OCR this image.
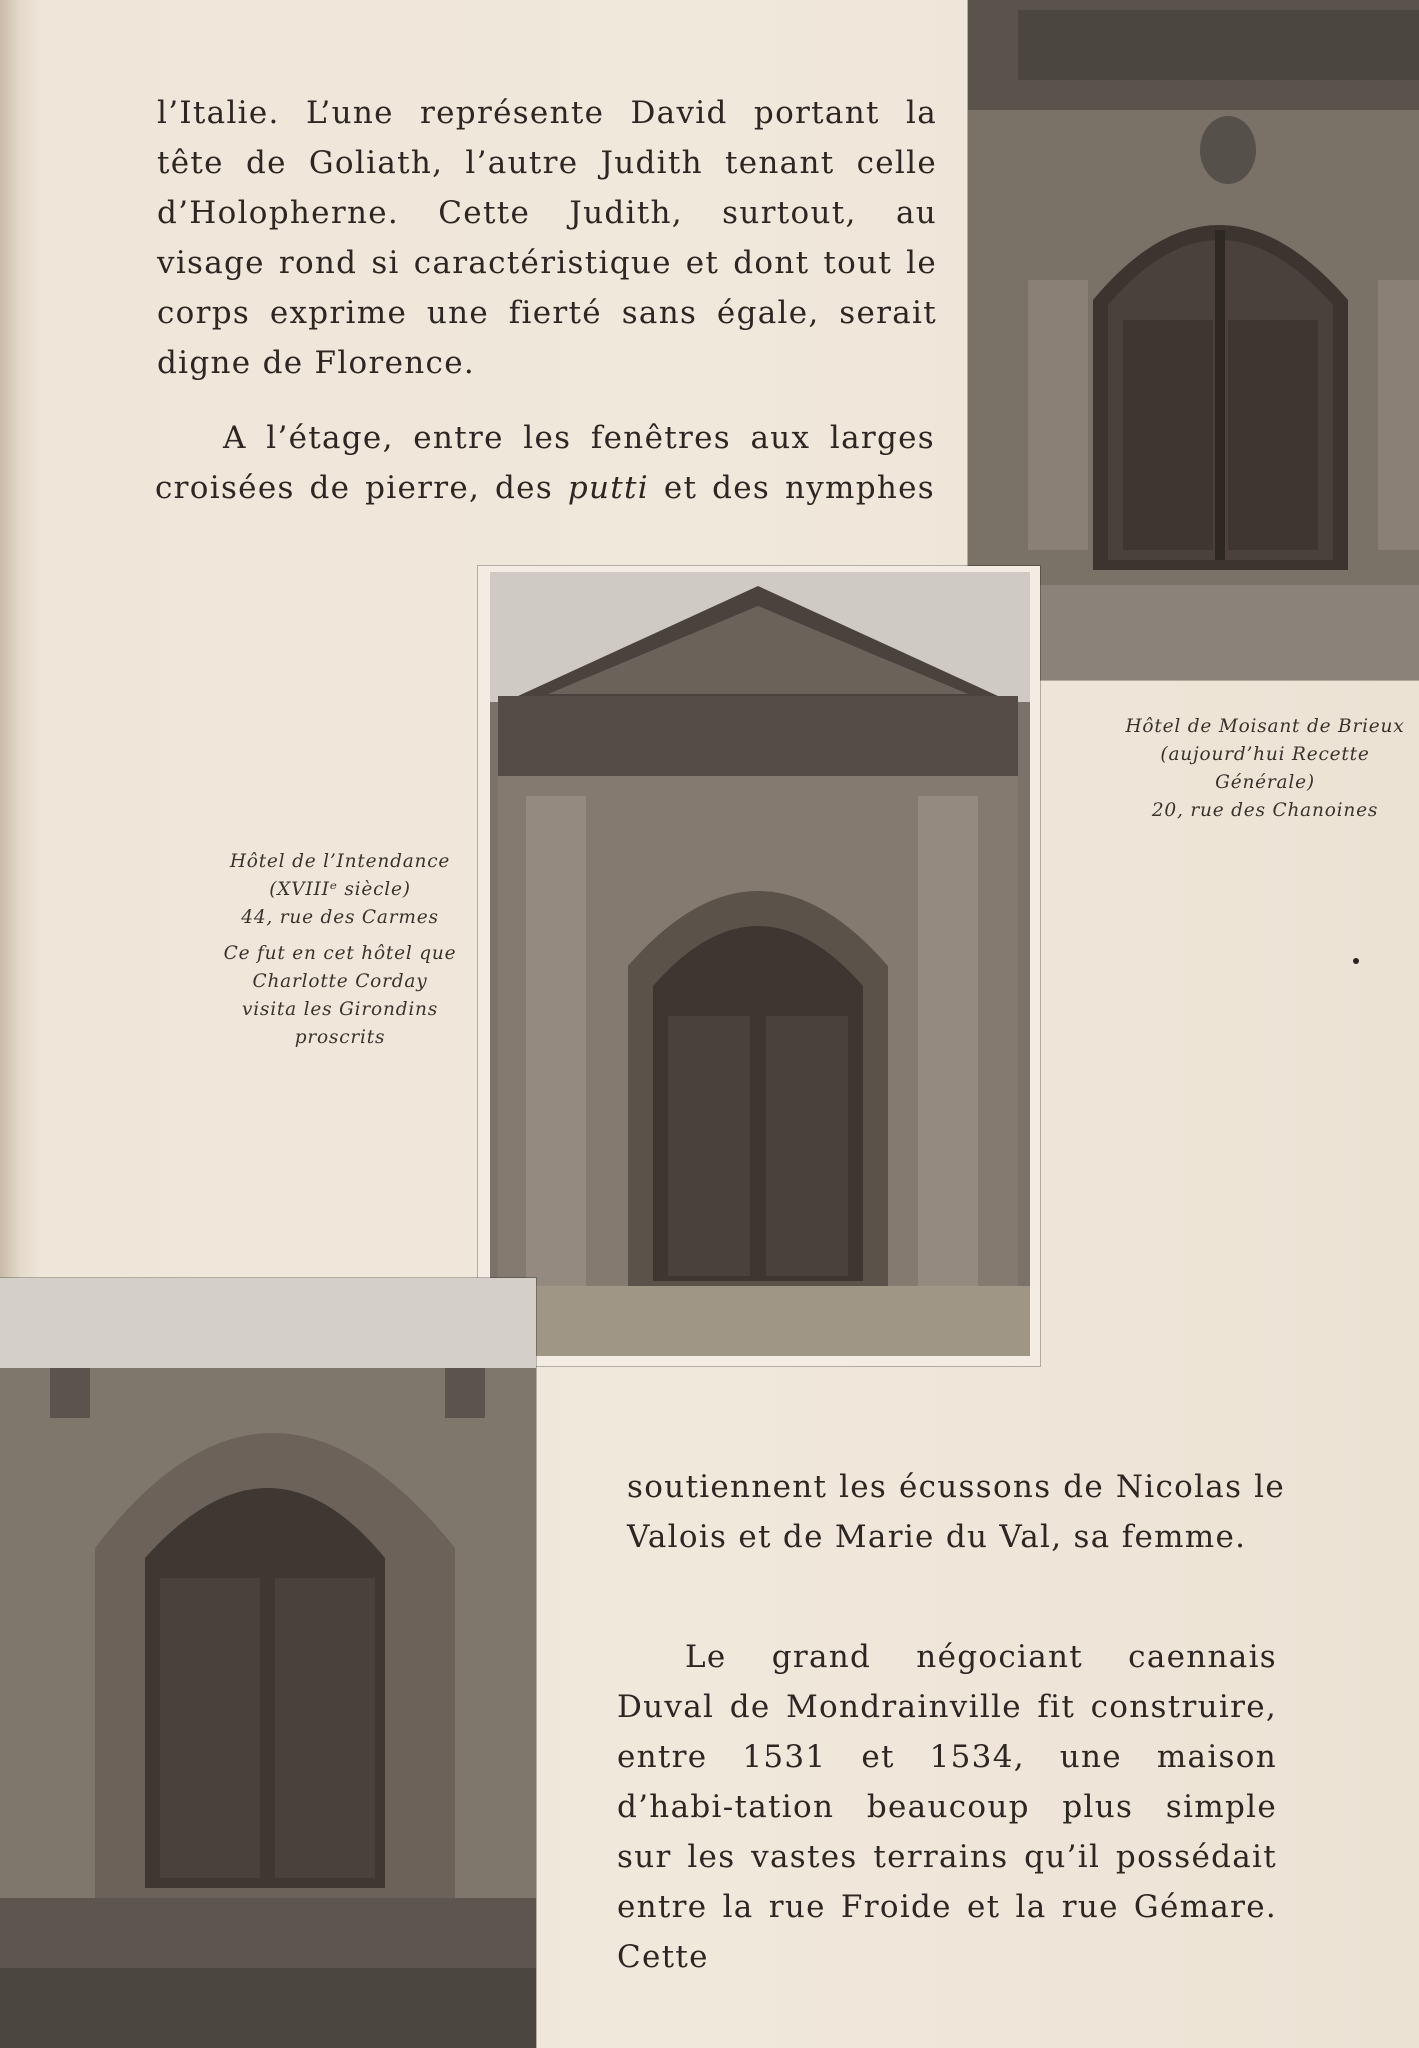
l’Italie. L’une représente David portant la tête de Goliath, l’autre Judith tenant celle d’Holopherne. Cette Judith, surtout, au visage rond si caractéristique et dont tout le corps exprime une fierté sans égale, serait digne de Florence.

A l’étage, entre les fenêtres aux larges croisées de pierre, des putti et des nymphes

Hôtel de Moisant de Brieux
(aujourd’hui Recette Générale)
20, rue des Chanoines

Hôtel de l’Intendance
(XVIIIᵉ siècle)
44, rue des Carmes
Ce fut en cet hôtel que
Charlotte Corday
visita les Girondins proscrits

soutiennent les écussons de Nicolas le Valois et de Marie du Val, sa femme.

Le grand négociant caennais Duval de Mondrainville fit construire, entre 1531 et 1534, une maison d’habi-tation beaucoup plus simple sur les vastes terrains qu’il possédait entre la rue Froide et la rue Gémare. Cette
